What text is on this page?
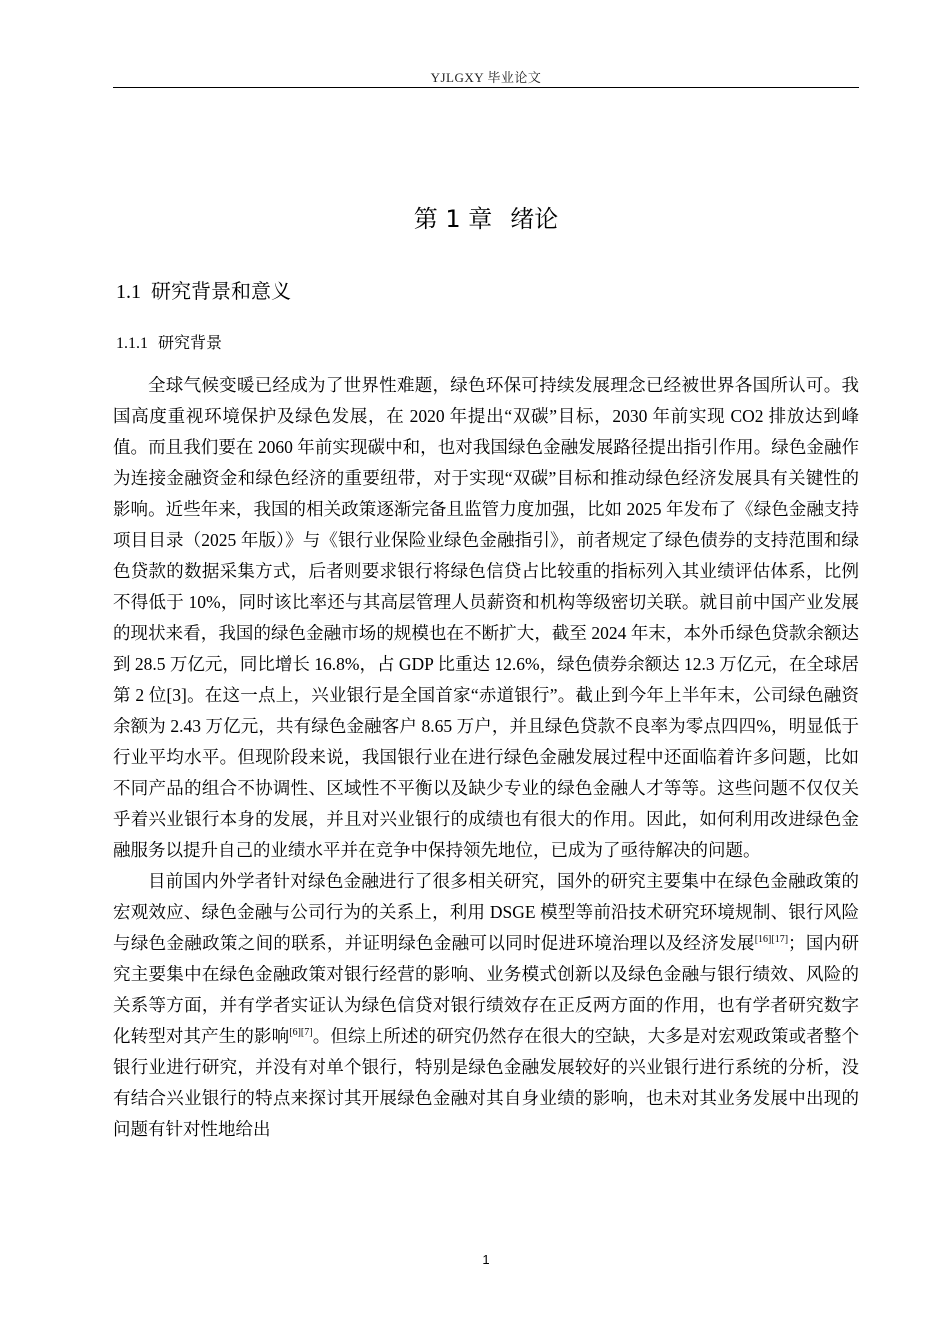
YJLGXY 毕业论文
第 1 章 绪论
1.1 研究背景和意义
1.1.1 研究背景

全球气候变暖已经成为了世界性难题，绿色环保可持续发展理念已经被世界各国所认可。我国高度重视环境保护及绿色发展，在 2020 年提出“双碳”目标，2030 年前实现 CO2 排放达到峰值。而且我们要在 2060 年前实现碳中和，也对我国绿色金融发展路径提出指引作用。绿色金融作为连接金融资金和绿色经济的重要纽带，对于实现“双碳”目标和推动绿色经济发展具有关键性的影响。近些年来，我国的相关政策逐渐完备且监管力度加强，比如 2025 年发布了《绿色金融支持项目目录（2025 年版）》与《银行业保险业绿色金融指引》，前者规定了绿色债券的支持范围和绿色贷款的数据采集方式，后者则要求银行将绿色信贷占比较重的指标列入其业绩评估体系，比例不得低于 10%，同时该比率还与其高层管理人员薪资和机构等级密切关联。就目前中国产业发展的现状来看，我国的绿色金融市场的规模也在不断扩大，截至 2024 年末，本外币绿色贷款余额达到 28.5 万亿元，同比增长 16.8%，占 GDP 比重达 12.6%，绿色债券余额达 12.3 万亿元，在全球居第 2 位[3]。在这一点上，兴业银行是全国首家“赤道银行”。截止到今年上半年末，公司绿色融资余额为 2.43 万亿元，共有绿色金融客户 8.65 万户，并且绿色贷款不良率为零点四四%，明显低于行业平均水平。但现阶段来说，我国银行业在进行绿色金融发展过程中还面临着许多问题，比如不同产品的组合不协调性、区域性不平衡以及缺少专业的绿色金融人才等等。这些问题不仅仅关乎着兴业银行本身的发展，并且对兴业银行的成绩也有很大的作用。因此，如何利用改进绿色金融服务以提升自己的业绩水平并在竞争中保持领先地位，已成为了亟待解决的问题。

目前国内外学者针对绿色金融进行了很多相关研究，国外的研究主要集中在绿色金融政策的宏观效应、绿色金融与公司行为的关系上，利用 DSGE 模型等前沿技术研究环境规制、银行风险与绿色金融政策之间的联系，并证明绿色金融可以同时促进环境治理以及经济发展[16][17]；国内研究主要集中在绿色金融政策对银行经营的影响、业务模式创新以及绿色金融与银行绩效、风险的关系等方面，并有学者实证认为绿色信贷对银行绩效存在正反两方面的作用，也有学者研究数字化转型对其产生的影响[6][7]。但综上所述的研究仍然存在很大的空缺，大多是对宏观政策或者整个银行业进行研究，并没有对单个银行，特别是绿色金融发展较好的兴业银行进行系统的分析，没有结合兴业银行的特点来探讨其开展绿色金融对其自身业绩的影响，也未对其业务发展中出现的问题有针对性地给出

1
